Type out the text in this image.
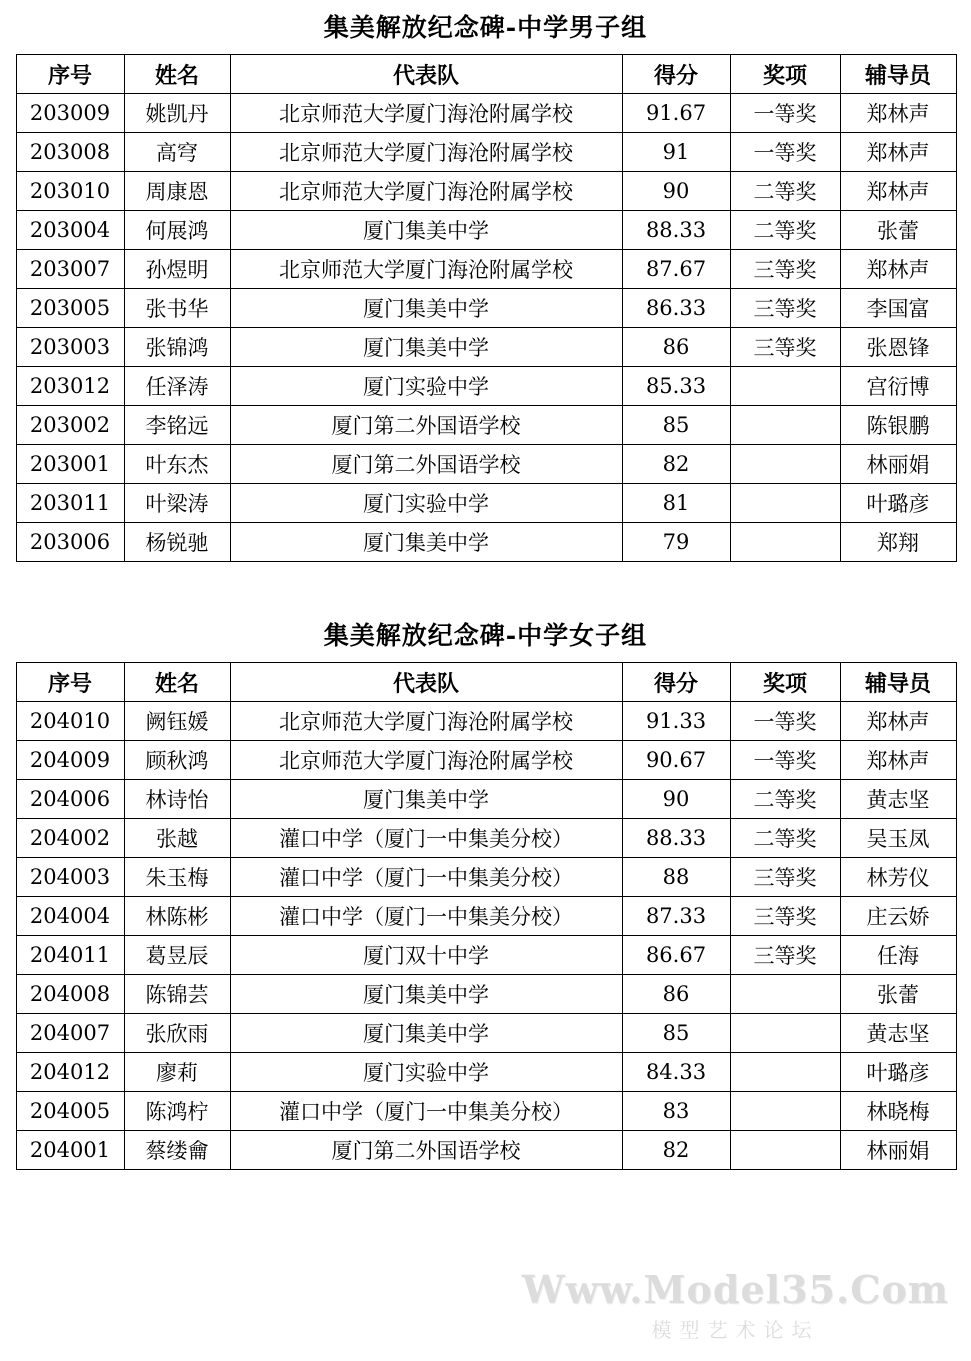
集美解放纪念碑-中学男子组
序号	姓名	代表队	得分	奖项	辅导员
203009	姚凯丹	北京师范大学厦门海沧附属学校	91.67	一等奖	郑林声
203008	高穹	北京师范大学厦门海沧附属学校	91	一等奖	郑林声
203010	周康恩	北京师范大学厦门海沧附属学校	90	二等奖	郑林声
203004	何展鸿	厦门集美中学	88.33	二等奖	张蕾
203007	孙煜明	北京师范大学厦门海沧附属学校	87.67	三等奖	郑林声
203005	张书华	厦门集美中学	86.33	三等奖	李国富
203003	张锦鸿	厦门集美中学	86	三等奖	张恩锋
203012	任泽涛	厦门实验中学	85.33		宫衍博
203002	李铭远	厦门第二外国语学校	85		陈银鹏
203001	叶东杰	厦门第二外国语学校	82		林丽娟
203011	叶梁涛	厦门实验中学	81		叶璐彦
203006	杨锐驰	厦门集美中学	79		郑翔
集美解放纪念碑-中学女子组
序号	姓名	代表队	得分	奖项	辅导员
204010	阙钰媛	北京师范大学厦门海沧附属学校	91.33	一等奖	郑林声
204009	顾秋鸿	北京师范大学厦门海沧附属学校	90.67	一等奖	郑林声
204006	林诗怡	厦门集美中学	90	二等奖	黄志坚
204002	张越	灌口中学（厦门一中集美分校）	88.33	二等奖	吴玉凤
204003	朱玉梅	灌口中学（厦门一中集美分校）	88	三等奖	林芳仪
204004	林陈彬	灌口中学（厦门一中集美分校）	87.33	三等奖	庄云娇
204011	葛昱辰	厦门双十中学	86.67	三等奖	任海
204008	陈锦芸	厦门集美中学	86		张蕾
204007	张欣雨	厦门集美中学	85		黄志坚
204012	廖莉	厦门实验中学	84.33		叶璐彦
204005	陈鸿柠	灌口中学（厦门一中集美分校）	83		林晓梅
204001	蔡缕龠	厦门第二外国语学校	82		林丽娟
Www.Model35.Com
模型艺术论坛
